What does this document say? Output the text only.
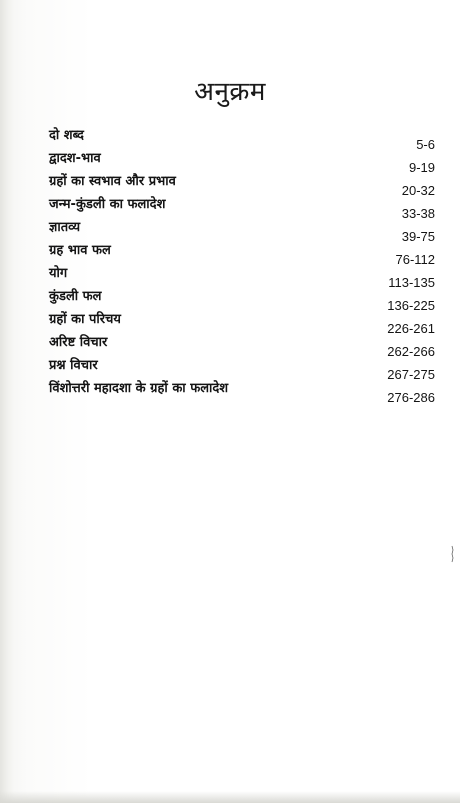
अनुक्रम
दो शब्द
5-6
द्वादश-भाव
9-19
ग्रहों का स्वभाव और प्रभाव
20-32
जन्म-कुंडली का फलादेश
33-38
ज्ञातव्य
39-75
ग्रह भाव फल
76-112
योग
113-135
कुंडली फल
136-225
ग्रहों का परिचय
226-261
अरिष्ट विचार
262-266
प्रश्न विचार
267-275
विंशोत्तरी महादशा के ग्रहों का फलादेश
276-286
